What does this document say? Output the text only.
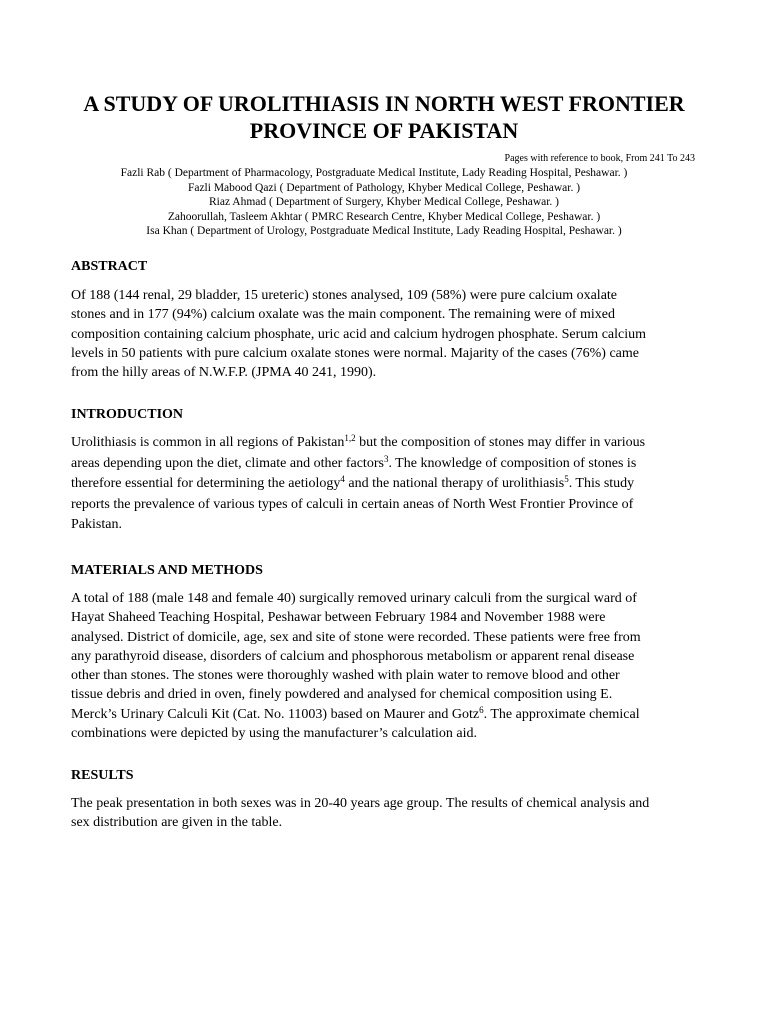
A STUDY OF UROLITHIASIS IN NORTH WEST FRONTIER
PROVINCE OF PAKISTAN
Pages with reference to book, From 241 To 243
Fazli Rab ( Department of Pharmacology, Postgraduate Medical Institute, Lady Reading Hospital, Peshawar. )
Fazli Mabood Qazi ( Department of Pathology, Khyber Medical College, Peshawar. )
Riaz Ahmad ( Department of Surgery, Khyber Medical College, Peshawar. )
Zahoorullah, Tasleem Akhtar ( PMRC Research Centre, Khyber Medical College, Peshawar. )
Isa Khan ( Department of Urology, Postgraduate Medical Institute, Lady Reading Hospital, Peshawar. )
ABSTRACT

Of 188 (144 renal, 29 bladder, 15 ureteric) stones analysed, 109 (58%) were pure calcium oxalate
stones and in 177 (94%) calcium oxalate was the main component. The remaining were of mixed
composition containing calcium phosphate, uric acid and calcium hydrogen phosphate. Serum calcium
levels in 50 patients with pure calcium oxalate stones were normal. Majarity of the cases (76%) came
from the hilly areas of N.W.F.P. (JPMA 40 241, 1990).

INTRODUCTION

Urolithiasis is common in all regions of Pakistan$^{1,2}$ but the composition of stones may differ in various
areas depending upon the diet, climate and other factors$^3$. The knowledge of composition of stones is
therefore essential for determining the aetiology$^4$ and the national therapy of urolithiasis$^5$. This study
reports the prevalence of various types of calculi in certain aneas of North West Frontier Province of
Pakistan.

MATERIALS AND METHODS

A total of 188 (male 148 and female 40) surgically removed urinary calculi from the surgical ward of
Hayat Shaheed Teaching Hospital, Peshawar between February 1984 and November 1988 were
analysed. District of domicile, age, sex and site of stone were recorded. These patients were free from
any parathyroid disease, disorders of calcium and phosphorous metabolism or apparent renal disease
other than stones. The stones were thoroughly washed with plain water to remove blood and other
tissue debris and dried in oven, finely powdered and analysed for chemical composition using E.
Merck’s Urinary Calculi Kit (Cat. No. 11003) based on Maurer and Gotz$^6$. The approximate chemical
combinations were depicted by using the manufacturer’s calculation aid.

RESULTS

The peak presentation in both sexes was in 20-40 years age group. The results of chemical analysis and
sex distribution are given in the table.
